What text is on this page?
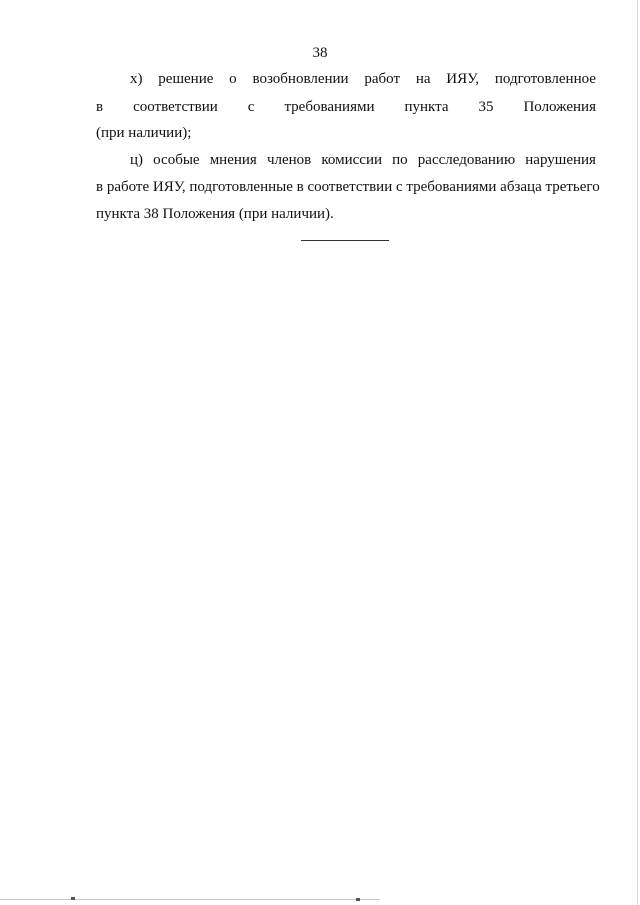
38
х) решение о возобновлении работ на ИЯУ, подготовленное
в соответствии с требованиями пункта 35 Положения
(при наличии);
ц) особые мнения членов комиссии по расследованию нарушения
в работе ИЯУ, подготовленные в соответствии с требованиями абзаца третьего
пункта 38 Положения (при наличии).
